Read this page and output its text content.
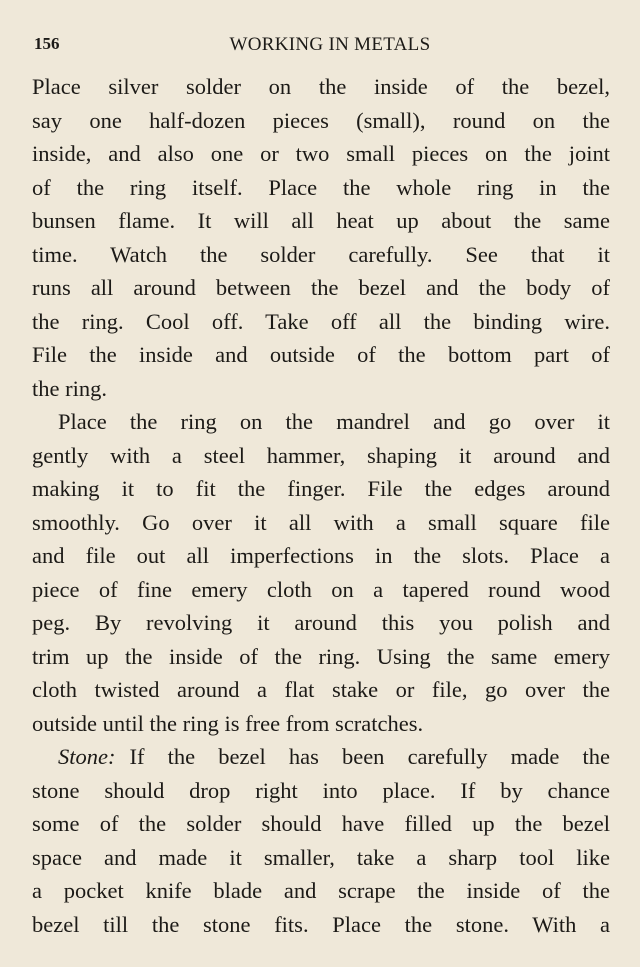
156	WORKING IN METALS
Place silver solder on the inside of the bezel,
say one half-dozen pieces (small), round on the
inside, and also one or two small pieces on the joint
of the ring itself. Place the whole ring in the
bunsen flame. It will all heat up about the same
time. Watch the solder carefully. See that it
runs all around between the bezel and the body of
the ring. Cool off. Take off all the binding wire.
File the inside and outside of the bottom part of
the ring.
Place the ring on the mandrel and go over it
gently with a steel hammer, shaping it around and
making it to fit the finger. File the edges around
smoothly. Go over it all with a small square file
and file out all imperfections in the slots. Place a
piece of fine emery cloth on a tapered round wood
peg. By revolving it around this you polish and
trim up the inside of the ring. Using the same emery
cloth twisted around a flat stake or file, go over the
outside until the ring is free from scratches.
Stone: If the bezel has been carefully made the
stone should drop right into place. If by chance
some of the solder should have filled up the bezel
space and made it smaller, take a sharp tool like
a pocket knife blade and scrape the inside of the
bezel till the stone fits. Place the stone. With a
